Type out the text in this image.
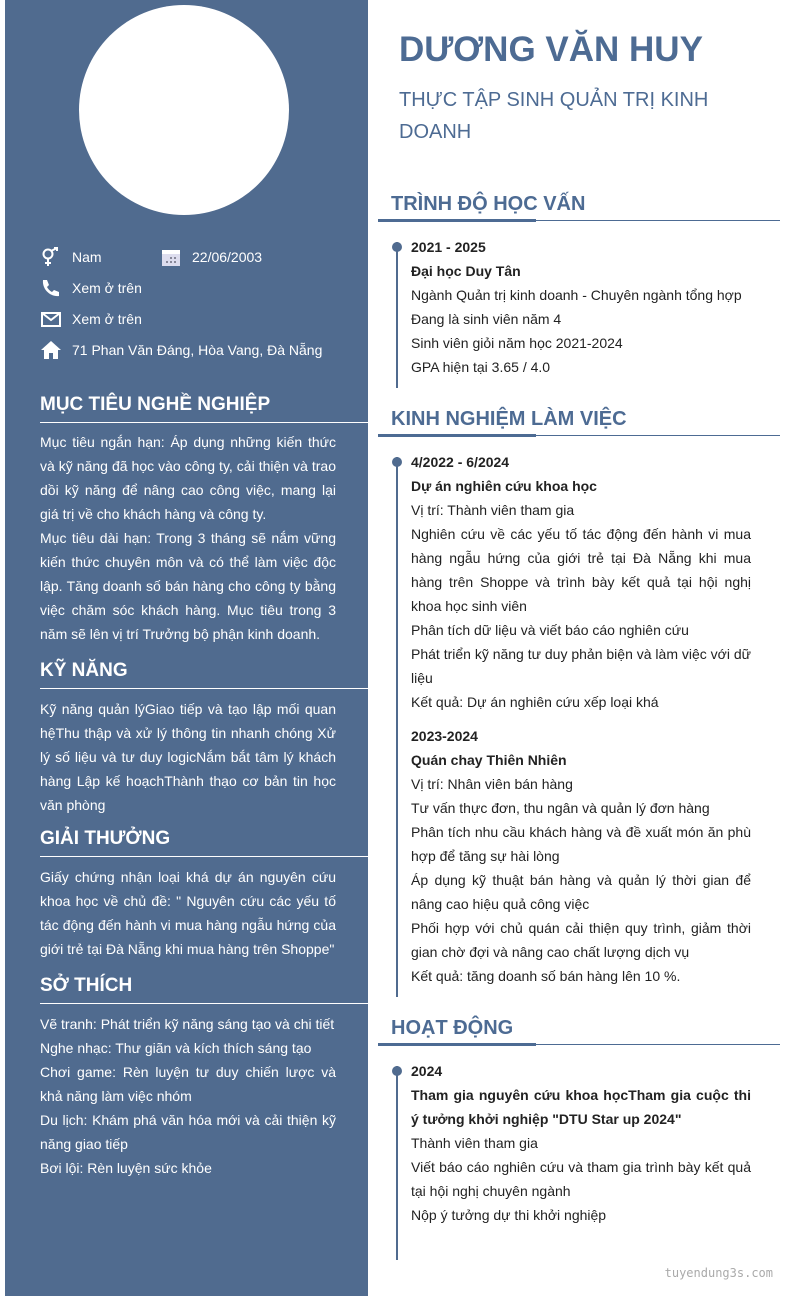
Nam	22/06/2003
Xem ở trên
Xem ở trên
71 Phan Văn Đáng, Hòa Vang, Đà Nẵng
MỤC TIÊU NGHỀ NGHIỆP
Mục tiêu ngắn hạn: Áp dụng những kiến thức và kỹ năng đã học vào công ty, cải thiện và trao dồi kỹ năng để nâng cao công việc, mang lại giá trị về cho khách hàng và công ty.
Mục tiêu dài hạn: Trong 3 tháng sẽ nắm vững kiến thức chuyên môn và có thể làm việc độc lập. Tăng doanh số bán hàng cho công ty bằng việc chăm sóc khách hàng. Mục tiêu trong 3 năm sẽ lên vị trí Trưởng bộ phận kinh doanh.
KỸ NĂNG
Kỹ năng quản lýGiao tiếp và tạo lập mối quan hệThu thập và xử lý thông tin nhanh chóng Xử lý số liệu và tư duy logicNắm bắt tâm lý khách hàng Lập kế hoạchThành thạo cơ bản tin học văn phòng
GIẢI THƯỞNG
Giấy chứng nhận loại khá dự án nguyên cứu khoa học về chủ đề: " Nguyên cứu các yếu tố tác động đến hành vi mua hàng ngẫu hứng của giới trẻ tại Đà Nẵng khi mua hàng trên Shoppe"
SỞ THÍCH
Vẽ tranh: Phát triển kỹ năng sáng tạo và chi tiết
Nghe nhạc: Thư giãn và kích thích sáng tạo
Chơi game: Rèn luyện tư duy chiến lược và khả năng làm việc nhóm
Du lịch: Khám phá văn hóa mới và cải thiện kỹ năng giao tiếp
Bơi lội: Rèn luyện sức khỏe
DƯƠNG VĂN HUY
THỰC TẬP SINH QUẢN TRỊ KINH DOANH
TRÌNH ĐỘ HỌC VẤN
2021 - 2025
Đại học Duy Tân
Ngành Quản trị kinh doanh - Chuyên ngành tổng hợp
Đang là sinh viên năm 4
Sinh viên giỏi năm học 2021-2024
GPA hiện tại 3.65 / 4.0
KINH NGHIỆM LÀM VIỆC
4/2022 - 6/2024
Dự án nghiên cứu khoa học
Vị trí: Thành viên tham gia
Nghiên cứu về các yếu tố tác động đến hành vi mua hàng ngẫu hứng của giới trẻ tại Đà Nẵng khi mua hàng trên Shoppe và trình bày kết quả tại hội nghị khoa học sinh viên
Phân tích dữ liệu và viết báo cáo nghiên cứu
Phát triển kỹ năng tư duy phản biện và làm việc với dữ liệu
Kết quả: Dự án nghiên cứu xếp loại khá
2023-2024
Quán chay Thiên Nhiên
Vị trí: Nhân viên bán hàng
Tư vấn thực đơn, thu ngân và quản lý đơn hàng
Phân tích nhu cầu khách hàng và đề xuất món ăn phù hợp để tăng sự hài lòng
Áp dụng kỹ thuật bán hàng và quản lý thời gian để nâng cao hiệu quả công việc
Phối hợp với chủ quán cải thiện quy trình, giảm thời gian chờ đợi và nâng cao chất lượng dịch vụ
Kết quả: tăng doanh số bán hàng lên 10 %.
HOẠT ĐỘNG
2024
Tham gia nguyên cứu khoa họcTham gia cuộc thi ý tưởng khởi nghiệp "DTU Star up 2024"
Thành viên tham gia
Viết báo cáo nghiên cứu và tham gia trình bày kết quả tại hội nghị chuyên ngành
Nộp ý tưởng dự thi khởi nghiệp
tuyendung3s.com
